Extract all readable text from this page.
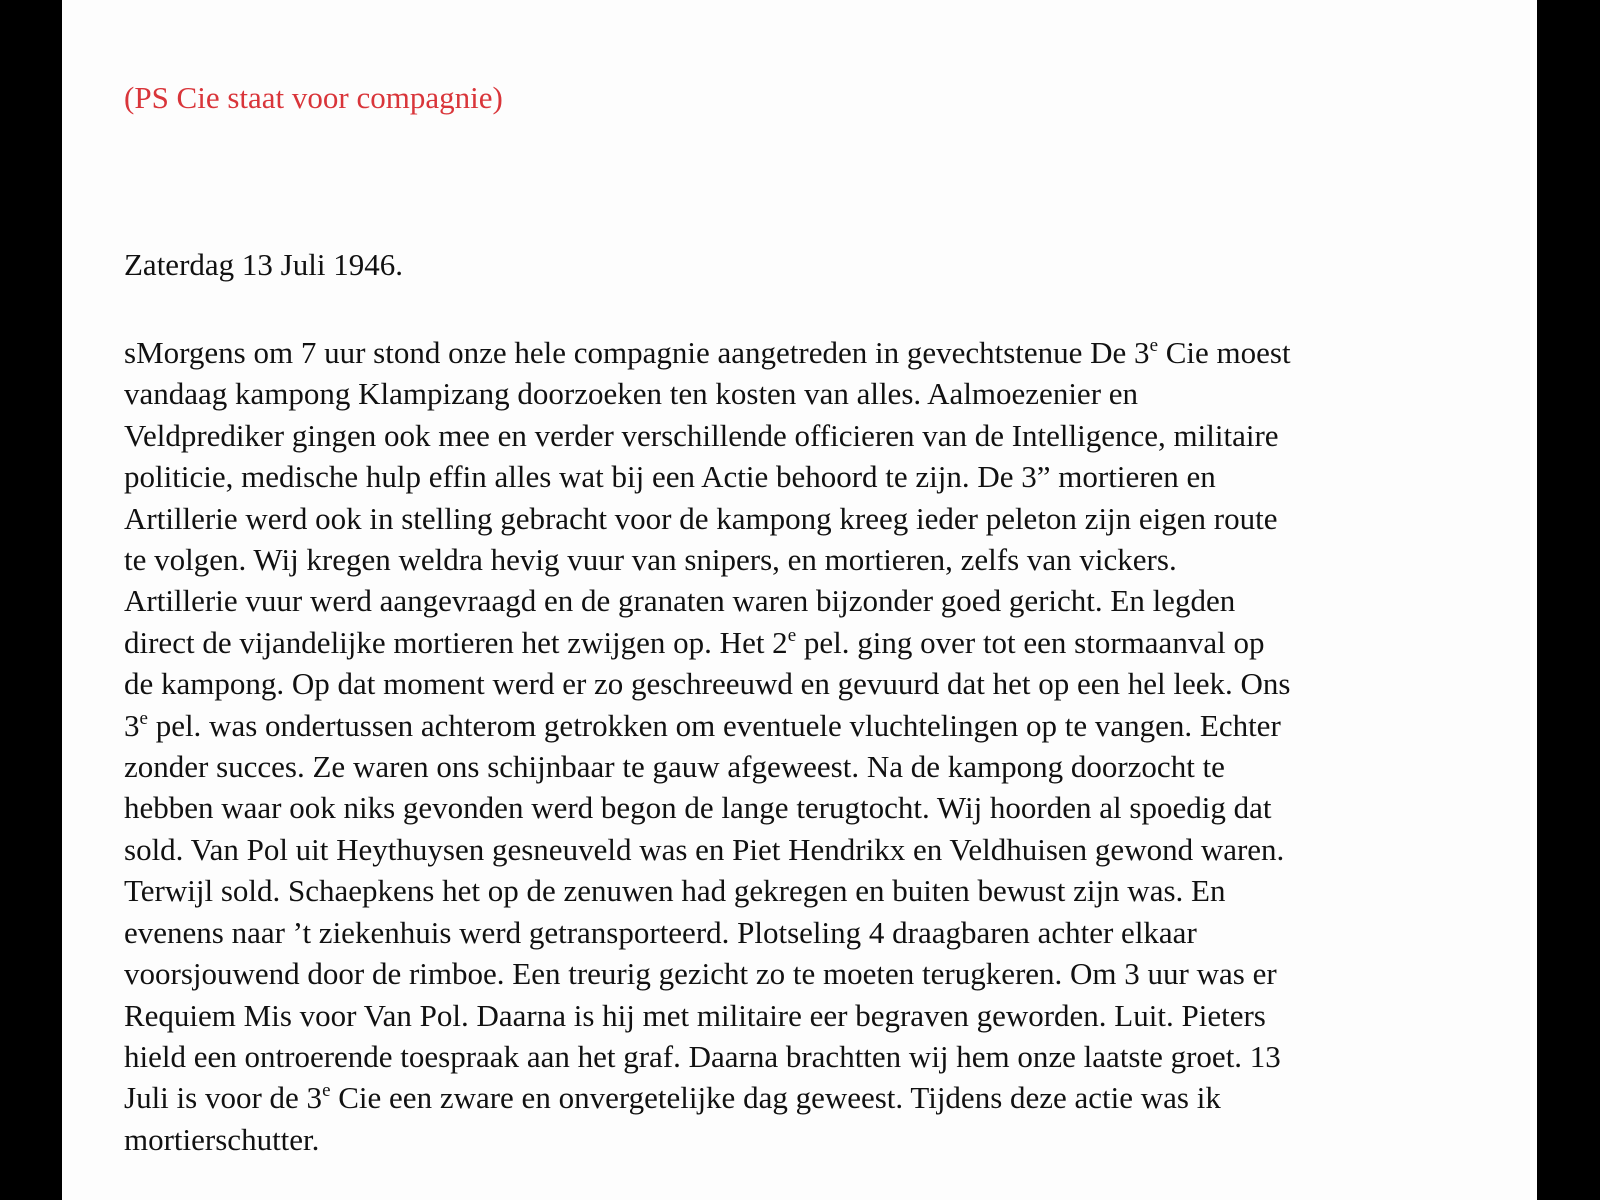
(PS Cie staat voor compagnie)
Zaterdag 13 Juli 1946.
sMorgens om 7 uur stond onze hele compagnie aangetreden in gevechtstenue De 3e Cie moest
vandaag kampong Klampizang doorzoeken ten kosten van alles. Aalmoezenier en
Veldprediker gingen ook mee en verder verschillende officieren van de Intelligence, militaire
politicie, medische hulp effin alles wat bij een Actie behoord te zijn. De 3” mortieren en
Artillerie werd ook in stelling gebracht voor de kampong kreeg ieder peleton zijn eigen route
te volgen. Wij kregen weldra hevig vuur van snipers, en mortieren, zelfs van vickers.
Artillerie vuur werd aangevraagd en de granaten waren bijzonder goed gericht. En legden
direct de vijandelijke mortieren het zwijgen op. Het 2e pel. ging over tot een stormaanval op
de kampong. Op dat moment werd er zo geschreeuwd en gevuurd dat het op een hel leek. Ons
3e pel. was ondertussen achterom getrokken om eventuele vluchtelingen op te vangen. Echter
zonder succes. Ze waren ons schijnbaar te gauw afgeweest. Na de kampong doorzocht te
hebben waar ook niks gevonden werd begon de lange terugtocht. Wij hoorden al spoedig dat
sold. Van Pol uit Heythuysen gesneuveld was en Piet Hendrikx en Veldhuisen gewond waren.
Terwijl sold. Schaepkens het op de zenuwen had gekregen en buiten bewust zijn was. En
evenens naar ’t ziekenhuis werd getransporteerd. Plotseling 4 draagbaren achter elkaar
voorsjouwend door de rimboe. Een treurig gezicht zo te moeten terugkeren. Om 3 uur was er
Requiem Mis voor Van Pol. Daarna is hij met militaire eer begraven geworden. Luit. Pieters
hield een ontroerende toespraak aan het graf. Daarna brachtten wij hem onze laatste groet. 13
Juli is voor de 3e Cie een zware en onvergetelijke dag geweest. Tijdens deze actie was ik
mortierschutter.
